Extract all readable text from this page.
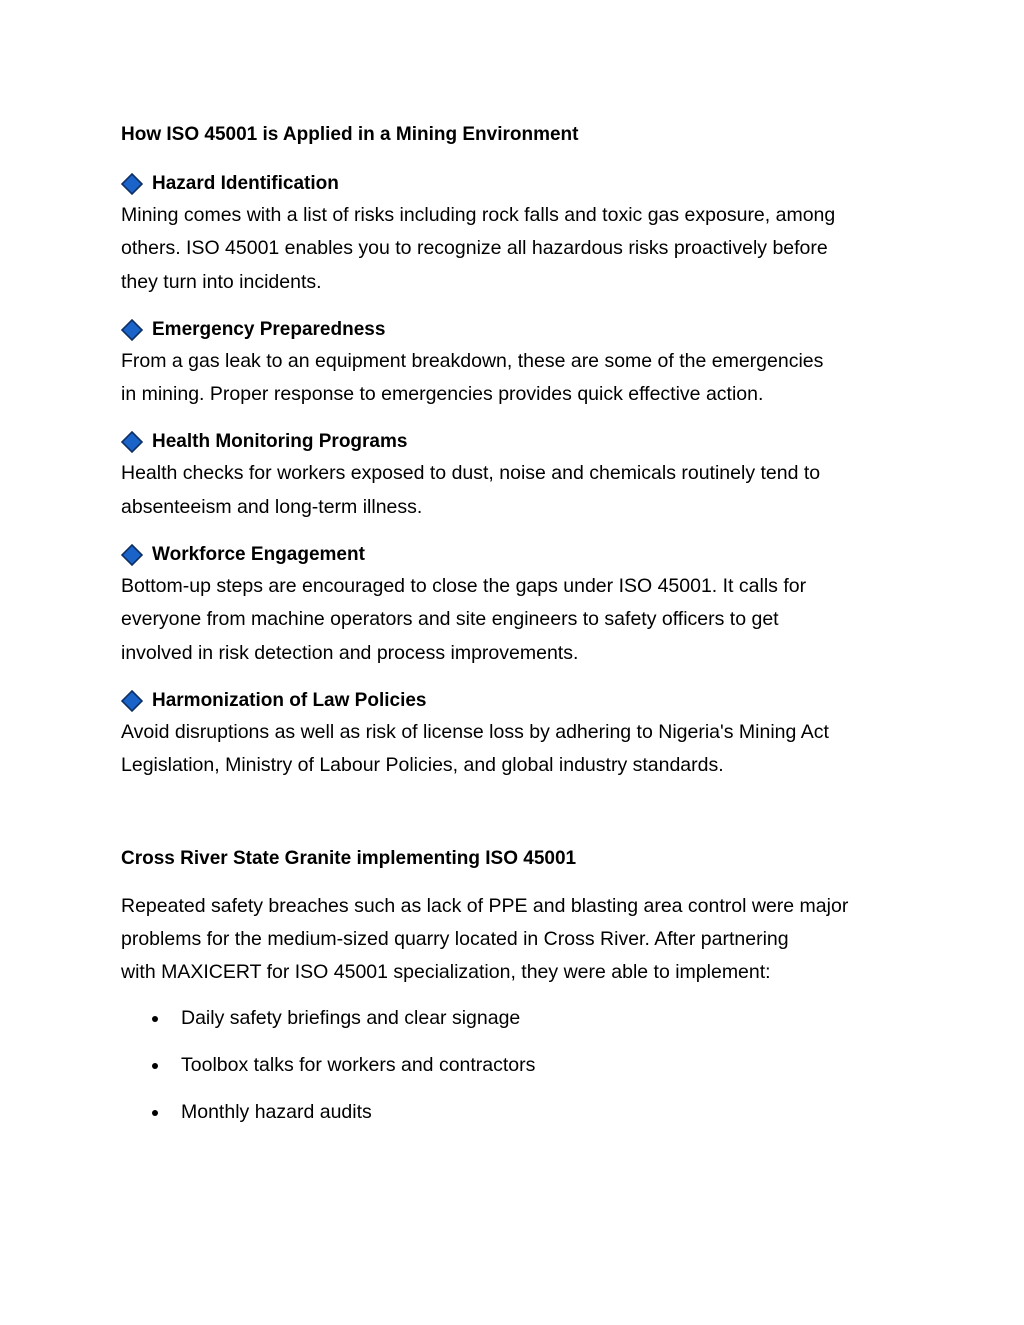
How ISO 45001 is Applied in a Mining Environment
Hazard Identification
Mining comes with a list of risks including rock falls and toxic gas exposure, among
others. ISO 45001 enables you to recognize all hazardous risks proactively before
they turn into incidents.
Emergency Preparedness
From a gas leak to an equipment breakdown, these are some of the emergencies
in mining. Proper response to emergencies provides quick effective action.
Health Monitoring Programs
Health checks for workers exposed to dust, noise and chemicals routinely tend to
absenteeism and long-term illness.
Workforce Engagement
Bottom-up steps are encouraged to close the gaps under ISO 45001. It calls for
everyone from machine operators and site engineers to safety officers to get
involved in risk detection and process improvements.
Harmonization of Law Policies
Avoid disruptions as well as risk of license loss by adhering to Nigeria's Mining Act
Legislation, Ministry of Labour Policies, and global industry standards.
Cross River State Granite implementing ISO 45001
Repeated safety breaches such as lack of PPE and blasting area control were major
problems for the medium-sized quarry located in Cross River. After partnering
with MAXICERT for ISO 45001 specialization, they were able to implement:
Daily safety briefings and clear signage
Toolbox talks for workers and contractors
Monthly hazard audits
